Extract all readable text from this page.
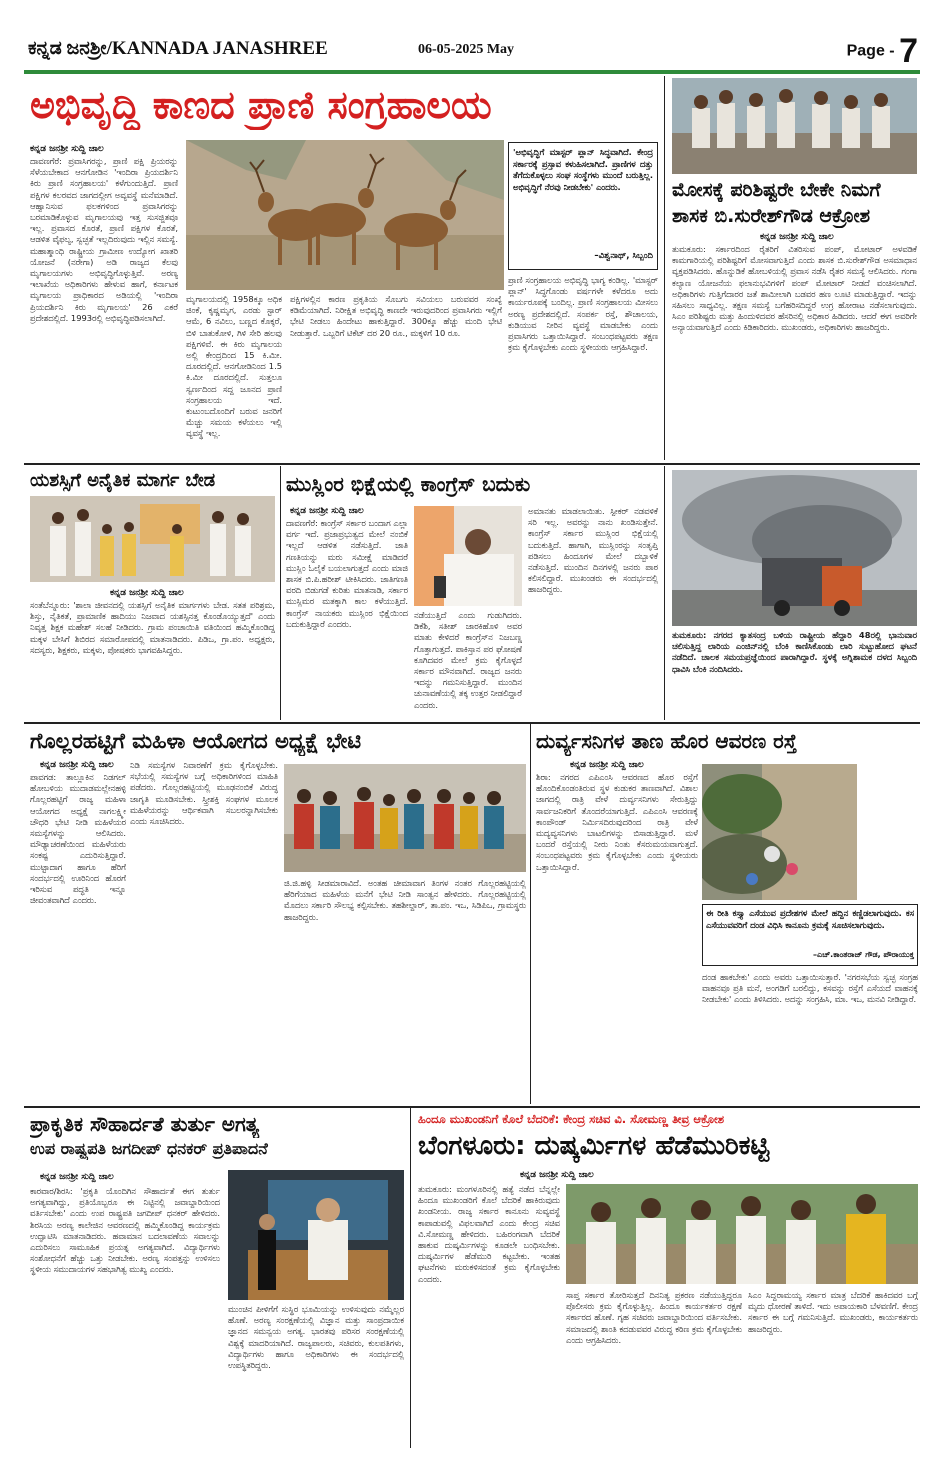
ಕನ್ನಡ ಜನಶ್ರೀ/KANNADA JANASHREE	06-05-2025 May	Page - 7
ಅಭಿವೃದ್ಧಿ ಕಾಣದ ಪ್ರಾಣಿ ಸಂಗ್ರಹಾಲಯ
ಕನ್ನಡ ಜನಶ್ರೀ ಸುದ್ದಿ ಜಾಲ
ದಾವಣಗೆರೆ: ಪ್ರವಾಸಿಗರನ್ನು, ಪ್ರಾಣಿ ಪಕ್ಷಿ ಪ್ರಿಯರನ್ನು ಸೆಳೆಯಬೇಕಾದ ಆನಗೋಡಿನ 'ಇಂದಿರಾ ಪ್ರಿಯದರ್ಶಿನಿ ಕಿರು ಪ್ರಾಣಿ ಸಂಗ್ರಹಾಲಯ' ಕಳೆಗುಂದುತ್ತಿದೆ. ಪ್ರಾಣಿ ಪಕ್ಷಿಗಳ ಕಲರವದ ಜಾಗದಲ್ಲೀಗ ಅವ್ಯವಸ್ಥೆ ಮನೆಮಾಡಿದೆ. ಆಹ್ವಾನಿಸುವ ಫಲಕಗಳಿಂದ ಪ್ರವಾಸಿಗರನ್ನು ಬರಮಾಡಿಕೊಳ್ಳುವ ಮೃಗಾಲಯವು ಇತ್ತ ಸುಸಜ್ಜಿತವೂ ಇಲ್ಲ. ಪ್ರವಾಸದ ಕೊರತೆ, ಪ್ರಾಣಿ ಪಕ್ಷಿಗಳ ಕೊರತೆ, ಆಡಳಿತ ವೈಫಲ್ಯ, ಸ್ವಚ್ಛತೆ ಇಲ್ಲದಿರುವುದು ಇಲ್ಲಿನ ಸಮಸ್ಯೆ. ಮಹಾತ್ಮಾಂಧಿ ರಾಷ್ಟ್ರೀಯ ಗ್ರಾಮೀಣ ಉದ್ಯೋಗ ಖಾತರಿ ಯೋಜನೆ (ನರೇಗಾ) ಅಡಿ ರಾಜ್ಯದ ಕೆಲವು ಮೃಗಾಲಯಗಳು ಅಭಿವೃದ್ಧಿಗೊಳ್ಳುತ್ತಿವೆ. ಅರಣ್ಯ ಇಲಾಖೆಯ ಅಧಿಕಾರಿಗಳು ಹೇಳುವ ಹಾಗೆ, ಕರ್ನಾಟಕ ಮೃಗಾಲಯ ಪ್ರಾಧಿಕಾರದ ಅಡಿಯಲ್ಲಿ 'ಇಂದಿರಾ ಪ್ರಿಯದರ್ಶಿನಿ ಕಿರು ಮೃಗಾಲಯ' 26 ಎಕರೆ ಪ್ರದೇಶದಲ್ಲಿದೆ. 1993ರಲ್ಲಿ ಅಭಿವೃದ್ಧಿಪಡಿಸಲಾಗಿದೆ.
ಮೃಗಾಲಯದಲ್ಲಿ 1958ಕ್ಕೂ ಅಧಿಕ ಜಿಂಕೆ, ಕೃಷ್ಣಮೃಗ, ಎರಡು ಸ್ಟಾರ್ ಆಮೆ, 6 ನವಿಲು, ಬಣ್ಣದ ಕೊಕ್ಕರೆ, ಬಿಳಿ ಬಾತುಕೋಳಿ, ಗಿಳಿ ಸೇರಿ ಹಲವು ಪಕ್ಷಿಗಳಿವೆ. ಈ ಕಿರು ಮೃಗಾಲಯ ಅಲ್ಲಿ ಕೇಂದ್ರದಿಂದ 15 ಕಿ.ಮೀ. ದೂರದಲ್ಲಿದೆ. ಆನಗೋಡಿನಿಂದ 1.5 ಕಿ.ಮೀ ದೂರದಲ್ಲಿದೆ. ಸುತ್ತಲೂ ಸ್ವರ್ಣದಿಂದ ಸದ್ದ ಜೂನದ ಪ್ರಾಣಿ ಸಂಗ್ರಹಾಲಯ ಇದೆ. ಕುಟುಂಬದೊಂದಿಗೆ ಬರುವ ಜನರಿಗೆ ಮೆಚ್ಚು ಸಮಯ ಕಳೆಯಲು ಇಲ್ಲಿ ವ್ಯವಸ್ಥೆ ಇಲ್ಲ.
ಪಕ್ಷಿಗಳಲ್ಲಿನ ಕಾರಣ ಪ್ರಕೃತಿಯ ಸೊಬಗು ಸವಿಯಲು ಬರುವವರ ಸಂಖ್ಯೆ ಕಡಿಮೆಯಾಗಿದೆ. ನಿರೀಕ್ಷಿತ ಅಭಿವೃದ್ಧಿ ಕಾಣದೇ ಇರುವುದರಿಂದ ಪ್ರವಾಸಿಗರು ಇಲ್ಲಿಗೆ ಭೇಟಿ ನೀಡಲು ಹಿಂದೇಟು ಹಾಕುತ್ತಿದ್ದಾರೆ. 300ಕ್ಕೂ ಹೆಚ್ಚು ಮಂದಿ ಭೇಟಿ ನೀಡುತ್ತಾರೆ. ಒಬ್ಬರಿಗೆ ಟಿಕೆಟ್ ದರ 20 ರೂ., ಮಕ್ಕಳಿಗೆ 10 ರೂ.
'ಅಭಿವೃದ್ಧಿಗೆ ಮಾಸ್ಟರ್ ಪ್ಲಾನ್ ಸಿದ್ಧವಾಗಿದೆ. ಕೇಂದ್ರ ಸರ್ಕಾರಕ್ಕೆ ಪ್ರಸ್ತಾವ ಕಳುಹಿಸಲಾಗಿದೆ. ಪ್ರಾಣಿಗಳ ದತ್ತು ತೆಗೆದುಕೊಳ್ಳಲು ಸಂಘ ಸಂಸ್ಥೆಗಳು ಮುಂದೆ ಬರುತ್ತಿಲ್ಲ. ಅಭಿವೃದ್ಧಿಗೆ ನೆರವು ನೀಡಬೇಕು' ಎಂದರು.
–ವಿಶ್ವನಾಥ್, ಸಿಬ್ಬಂದಿ
ಪ್ರಾಣಿ ಸಂಗ್ರಹಾಲಯ ಅಭಿವೃದ್ಧಿ ಭಾಗ್ಯ ಕಂಡಿಲ್ಲ. 'ಮಾಸ್ಟರ್ ಪ್ಲಾನ್' ಸಿದ್ಧಗೊಂಡು ವರ್ಷಗಳೇ ಕಳೆದರೂ ಅದು ಕಾರ್ಯರೂಪಕ್ಕೆ ಬಂದಿಲ್ಲ. ಪ್ರಾಣಿ ಸಂಗ್ರಹಾಲಯ ಮೀಸಲು ಅರಣ್ಯ ಪ್ರದೇಶದಲ್ಲಿದೆ. ಸಂಪರ್ಕ ರಸ್ತೆ, ಶೌಚಾಲಯ, ಕುಡಿಯುವ ನೀರಿನ ವ್ಯವಸ್ಥೆ ಮಾಡಬೇಕು ಎಂದು ಪ್ರವಾಸಿಗರು ಒತ್ತಾಯಿಸಿದ್ದಾರೆ. ಸಂಬಂಧಪಟ್ಟವರು ತಕ್ಷಣ ಕ್ರಮ ಕೈಗೊಳ್ಳಬೇಕು ಎಂದು ಸ್ಥಳೀಯರು ಆಗ್ರಹಿಸಿದ್ದಾರೆ.
ಮೋಸಕ್ಕೆ ಪರಿಶಿಷ್ಟರೇ ಬೇಕೇ ನಿಮಗೆ
ಶಾಸಕ ಬಿ.ಸುರೇಶ್‌ಗೌಡ ಆಕ್ರೋಶ
ಕನ್ನಡ ಜನಶ್ರೀ ಸುದ್ದಿ ಜಾಲ
ತುಮಕೂರು: ಸರ್ಕಾರದಿಂದ ರೈತರಿಗೆ ವಿತರಿಸುವ ಪಂಪ್, ಮೋಟಾರ್ ಅಳವಡಿಕೆ ಕಾಮಗಾರಿಯಲ್ಲಿ ಪರಿಶಿಷ್ಟರಿಗೆ ಮೋಸವಾಗುತ್ತಿದೆ ಎಂದು ಶಾಸಕ ಬಿ.ಸುರೇಶ್‌ಗೌಡ ಅಸಮಾಧಾನ ವ್ಯಕ್ತಪಡಿಸಿದರು. ಹೊನ್ನುಡಿಕೆ ಹೋಬಳಿಯಲ್ಲಿ ಪ್ರವಾಸ ನಡೆಸಿ ರೈತರ ಸಮಸ್ಯೆ ಆಲಿಸಿದರು. ಗಂಗಾ ಕಲ್ಯಾಣ ಯೋಜನೆಯ ಫಲಾನುಭವಿಗಳಿಗೆ ಪಂಪ್ ಮೋಟಾರ್ ನೀಡದೆ ವಂಚಿಸಲಾಗಿದೆ. ಅಧಿಕಾರಿಗಳು ಗುತ್ತಿಗೆದಾರರ ಜತೆ ಶಾಮೀಲಾಗಿ ಬಡವರ ಹಣ ಲೂಟಿ ಮಾಡುತ್ತಿದ್ದಾರೆ. ಇದನ್ನು ಸಹಿಸಲು ಸಾಧ್ಯವಿಲ್ಲ. ತಕ್ಷಣ ಸಮಸ್ಯೆ ಬಗೆಹರಿಸದಿದ್ದರೆ ಉಗ್ರ ಹೋರಾಟ ನಡೆಸಲಾಗುವುದು. ಸಿಎಂ ಪರಿಶಿಷ್ಟರು ಮತ್ತು ಹಿಂದುಳಿದವರ ಹೆಸರಿನಲ್ಲಿ ಅಧಿಕಾರ ಹಿಡಿದರು. ಆದರೆ ಈಗ ಅವರಿಗೇ ಅನ್ಯಾಯವಾಗುತ್ತಿದೆ ಎಂದು ಕಿಡಿಕಾರಿದರು. ಮುಖಂಡರು, ಅಧಿಕಾರಿಗಳು ಹಾಜರಿದ್ದರು.
ಯಶಸ್ಸಿಗೆ ಅನೈತಿಕ ಮಾರ್ಗ ಬೇಡ
ಕನ್ನಡ ಜನಶ್ರೀ ಸುದ್ದಿ ಜಾಲ
ಸಂತೆಬೆನ್ನೂರು: 'ಶಾಲಾ ಜೀವನದಲ್ಲಿ ಯಶಸ್ಸಿಗೆ ಅನೈತಿಕ ಮಾರ್ಗಗಳು ಬೇಡ. ಸತತ ಪರಿಶ್ರಮ, ಶಿಸ್ತು, ನೈತಿಕತೆ, ಪ್ರಾಮಾಣಿಕ ಹಾದಿಯು ನಿಜವಾದ ಯಶಸ್ಸಿನತ್ತ ಕೊಂಡೊಯ್ಯುತ್ತದೆ' ಎಂದು ನಿವೃತ್ತ ಶಿಕ್ಷಕ ಮಹೇಶ್ ಸಲಹೆ ನೀಡಿದರು. ಗ್ರಾಮ ಪಂಚಾಯಿತಿ ವತಿಯಿಂದ ಹಮ್ಮಿಕೊಂಡಿದ್ದ ಮಕ್ಕಳ ಬೇಸಿಗೆ ಶಿಬಿರದ ಸಮಾರೋಪದಲ್ಲಿ ಮಾತನಾಡಿದರು. ಪಿಡಿಒ, ಗ್ರಾ.ಪಂ. ಅಧ್ಯಕ್ಷರು, ಸದಸ್ಯರು, ಶಿಕ್ಷಕರು, ಮಕ್ಕಳು, ಪೋಷಕರು ಭಾಗವಹಿಸಿದ್ದರು.
ಮುಸ್ಲಿಂರ ಭಿಕ್ಷೆಯಲ್ಲಿ ಕಾಂಗ್ರೆಸ್ ಬದುಕು
ಕನ್ನಡ ಜನಶ್ರೀ ಸುದ್ದಿ ಜಾಲ
ದಾವಣಗೆರೆ: ಕಾಂಗ್ರೆಸ್ ಸರ್ಕಾರ ಬಂದಾಗ ಎಲ್ಲಾ ವರ್ಗ ಇದೆ. ಪ್ರಜಾಪ್ರಭುತ್ವದ ಮೇಲೆ ನಂಬಿಕೆ ಇಲ್ಲದೆ ಆಡಳಿತ ನಡೆಸುತ್ತಿದೆ. ಜಾತಿ ಗಣತಿಯನ್ನು ಮರು ಸಮೀಕ್ಷೆ ಮಾಡಿದರೆ ಮುಸ್ಲಿಂ ಓಲೈಕೆ ಬಯಲಾಗುತ್ತದೆ ಎಂದು ಮಾಜಿ ಶಾಸಕ ಬಿ.ಪಿ.ಹರೀಶ್ ಟೀಕಿಸಿದರು. ಜಾತಿಗಣತಿ ವರದಿ ಬಿಡುಗಡೆ ಕುರಿತು ಮಾತನಾಡಿ, ಸರ್ಕಾರ ಮುಸ್ಲಿಮರ ಮತಕ್ಕಾಗಿ ಕಾಲ ಕಳೆಯುತ್ತಿದೆ. ಕಾಂಗ್ರೆಸ್ ನಾಯಕರು ಮುಸ್ಲಿಂರ ಭಿಕ್ಷೆಯಿಂದ ಬದುಕುತ್ತಿದ್ದಾರೆ ಎಂದರು.
ನಡೆಯುತ್ತಿದೆ ಎಂದು ಗುಡುಗಿದರು. ಡಿಕೆಶಿ, ಸತೀಶ್ ಜಾರಕಿಹೊಳಿ ಅವರ ಮಾತು ಕೇಳಿದರೆ ಕಾಂಗ್ರೆಸ್‌ನ ನಿಜಬಣ್ಣ ಗೊತ್ತಾಗುತ್ತದೆ. ಪಾಕಿಸ್ತಾನ ಪರ ಘೋಷಣೆ ಕೂಗಿದವರ ಮೇಲೆ ಕ್ರಮ ಕೈಗೊಳ್ಳದೆ ಸರ್ಕಾರ ಮೌನವಾಗಿದೆ. ರಾಜ್ಯದ ಜನರು ಇದನ್ನು ಗಮನಿಸುತ್ತಿದ್ದಾರೆ. ಮುಂದಿನ ಚುನಾವಣೆಯಲ್ಲಿ ತಕ್ಕ ಉತ್ತರ ನೀಡಲಿದ್ದಾರೆ ಎಂದರು.
ಅಮಾನತು ಮಾಡಲಾಯಿತು. ಸ್ಪೀಕರ್ ನಡವಳಿಕೆ ಸರಿ ಇಲ್ಲ. ಅವರನ್ನು ನಾನು ಖಂಡಿಸುತ್ತೇನೆ. ಕಾಂಗ್ರೆಸ್ ಸರ್ಕಾರ ಮುಸ್ಲಿಂರ ಭಿಕ್ಷೆಯಲ್ಲಿ ಬದುಕುತ್ತಿದೆ. ಹಾಗಾಗಿ, ಮುಸ್ಲಿಂರನ್ನು ಸಂತೃಪ್ತಿ ಪಡಿಸಲು ಹಿಂದೂಗಳ ಮೇಲೆ ದಬ್ಬಾಳಿಕೆ ನಡೆಸುತ್ತಿದೆ. ಮುಂದಿನ ದಿನಗಳಲ್ಲಿ ಜನರು ಪಾಠ ಕಲಿಸಲಿದ್ದಾರೆ. ಮುಖಂಡರು ಈ ಸಂದರ್ಭದಲ್ಲಿ ಹಾಜರಿದ್ದರು.
ತುಮಕೂರು: ನಗರದ ಕ್ಯಾತಸಂದ್ರ ಬಳಿಯ ರಾಷ್ಟ್ರೀಯ ಹೆದ್ದಾರಿ 48ರಲ್ಲಿ ಭಾನುವಾರ ಚಲಿಸುತ್ತಿದ್ದ ಲಾರಿಯ ಎಂಜಿನ್‌ನಲ್ಲಿ ಬೆಂಕಿ ಕಾಣಿಸಿಕೊಂಡು ಲಾರಿ ಸುಟ್ಟುಹೋದ ಘಟನೆ ನಡೆದಿದೆ. ಚಾಲಕ ಸಮಯಪ್ರಜ್ಞೆಯಿಂದ ಪಾರಾಗಿದ್ದಾರೆ. ಸ್ಥಳಕ್ಕೆ ಅಗ್ನಿಶಾಮಕ ದಳದ ಸಿಬ್ಬಂದಿ ಧಾವಿಸಿ ಬೆಂಕಿ ನಂದಿಸಿದರು.
ಗೊಲ್ಲರಹಟ್ಟಿಗೆ ಮಹಿಳಾ ಆಯೋಗದ ಅಧ್ಯಕ್ಷೆ ಭೇಟಿ
ಕನ್ನಡ ಜನಶ್ರೀ ಸುದ್ದಿ ಜಾಲ
ಪಾವಗಡ: ತಾಲ್ಲೂಕಿನ ನಿಡಗಲ್ ಹೋಬಳಿಯ ಮುದಾಡಮಲ್ಲೇನಹಳ್ಳಿ ಗೊಲ್ಲರಹಟ್ಟಿಗೆ ರಾಜ್ಯ ಮಹಿಳಾ ಆಯೋಗದ ಅಧ್ಯಕ್ಷೆ ನಾಗಲಕ್ಷ್ಮೀ ಚೌಧರಿ ಭೇಟಿ ನೀಡಿ ಮಹಿಳೆಯರ ಸಮಸ್ಯೆಗಳನ್ನು ಆಲಿಸಿದರು. ಮೌಢ್ಯಾಚರಣೆಯಿಂದ ಮಹಿಳೆಯರು ಸಂಕಷ್ಟ ಎದುರಿಸುತ್ತಿದ್ದಾರೆ. ಮುಟ್ಟಾದಾಗ ಹಾಗೂ ಹೆರಿಗೆ ಸಂದರ್ಭದಲ್ಲಿ ಊರಿನಿಂದ ಹೊರಗೆ ಇರಿಸುವ ಪದ್ಧತಿ ಇನ್ನೂ ಜೀವಂತವಾಗಿದೆ ಎಂದರು.
ನಿಡಿ ಸಮಸ್ಯೆಗಳ ನಿವಾರಣೆಗೆ ಕ್ರಮ ಕೈಗೊಳ್ಳಬೇಕು. ಸಭೆಯಲ್ಲಿ ಸಮಸ್ಯೆಗಳ ಬಗ್ಗೆ ಅಧಿಕಾರಿಗಳಿಂದ ಮಾಹಿತಿ ಪಡೆದರು. ಗೊಲ್ಲರಹಟ್ಟಿಯಲ್ಲಿ ಮೂಢನಂಬಿಕೆ ವಿರುದ್ಧ ಜಾಗೃತಿ ಮೂಡಿಸಬೇಕು. ಸ್ತ್ರೀಶಕ್ತಿ ಸಂಘಗಳ ಮೂಲಕ ಮಹಿಳೆಯರನ್ನು ಆರ್ಥಿಕವಾಗಿ ಸಬಲರನ್ನಾಗಿಸಬೇಕು ಎಂದು ಸೂಚಿಸಿದರು.
ಜಿ.ಜಿ.ಹಳ್ಳಿ ಸೀಡಮಾರಾವಿದೆ. ಅಂತಹ ಚೀಮಾವಾಗ ತಿಂಗಳ ನಂತರ ಗೊಲ್ಲರಹಟ್ಟಿಯಲ್ಲಿ ಹೆರಿಗೆಯಾದ ಮಹಿಳೆಯ ಮನೆಗೆ ಭೇಟಿ ನೀಡಿ ಸಾಂತ್ವನ ಹೇಳಿದರು. ಗೊಲ್ಲರಹಟ್ಟಿಯಲ್ಲಿ ಮೊದಲು ಸರ್ಕಾರಿ ಸೌಲಭ್ಯ ಕಲ್ಪಿಸಬೇಕು. ತಹಶೀಲ್ದಾರ್, ತಾ.ಪಂ. ಇಒ, ಸಿಡಿಪಿಒ, ಗ್ರಾಮಸ್ಥರು ಹಾಜರಿದ್ದರು.
ದುರ್ವ್ಯಸನಿಗಳ ತಾಣ ಹೊರ ಆವರಣ ರಸ್ತೆ
ಕನ್ನಡ ಜನಶ್ರೀ ಸುದ್ದಿ ಜಾಲ
ಶಿರಾ: ನಗರದ ಎಪಿಎಂಸಿ ಆವರಣದ ಹೊರ ರಸ್ತೆಗೆ ಹೊಂದಿಕೊಂಡಂತಿರುವ ಸ್ಥಳ ಕುಡುಕರ ತಾಣವಾಗಿದೆ. ವಿಶಾಲ ಜಾಗದಲ್ಲಿ ರಾತ್ರಿ ವೇಳೆ ದುರ್ವ್ಯಸನಿಗಳು ಸೇರುತ್ತಿದ್ದು ಸಾರ್ವಜನಿಕರಿಗೆ ತೊಂದರೆಯಾಗುತ್ತಿದೆ. ಎಪಿಎಂಸಿ ಆವರಣಕ್ಕೆ ಕಾಂಪೌಂಡ್ ನಿರ್ಮಿಸದಿರುವುದರಿಂದ ರಾತ್ರಿ ವೇಳೆ ಮದ್ಯವ್ಯಸನಿಗಳು ಬಾಟಲಿಗಳನ್ನು ಬಿಸಾಡುತ್ತಿದ್ದಾರೆ. ಮಳೆ ಬಂದರೆ ರಸ್ತೆಯಲ್ಲಿ ನೀರು ನಿಂತು ಕೆಸರುಮಯವಾಗುತ್ತದೆ. ಸಂಬಂಧಪಟ್ಟವರು ಕ್ರಮ ಕೈಗೊಳ್ಳಬೇಕು ಎಂದು ಸ್ಥಳೀಯರು ಒತ್ತಾಯಿಸಿದ್ದಾರೆ.
ಈ ರೀತಿ ಕಸ್ತ್ಯಾ ಎಸೆಯುವ ಪ್ರದೇಶಗಳ ಮೇಲೆ ಹದ್ದಿನ ಕಣ್ಣಿಡಲಾಗುವುದು. ಕಸ ಎಸೆಯುವವರಿಗೆ ದಂಡ ವಿಧಿಸಿ ಕಾನೂನು ಕ್ರಮಕ್ಕೆ ಸೂಚಿಸಲಾಗುವುದು.
–ಎಚ್.ಕಾಂತರಾಜ್ ಗೌಡ, ಪೌರಾಯುಕ್ತ
ದಂಡ ಹಾಕಬೇಕು' ಎಂದು ಅವರು ಒತ್ತಾಯಿಸುತ್ತಾರೆ. 'ನಗರಸಭೆಯ ಸ್ವಚ್ಛ ಸಂಗ್ರಹ ವಾಹನವೂ ಪ್ರತಿ ಮನೆ, ಅಂಗಡಿಗೆ ಬರಲಿದ್ದು, ಕಸವನ್ನು ರಸ್ತೆಗೆ ಎಸೆಯದೆ ವಾಹನಕ್ಕೆ ನೀಡಬೇಕು' ಎಂದು ತಿಳಿಸಿದರು. ಅದನ್ನು ಸಂಗ್ರಹಿಸಿ, ಮಾ. ಇಒ, ಮನವಿ ನೀಡಿದ್ದಾರೆ.
ಪ್ರಾಕೃತಿಕ ಸೌಹಾರ್ದತೆ ತುರ್ತು ಅಗತ್ಯ
ಉಪ ರಾಷ್ಟ್ರಪತಿ ಜಗದೀಪ್ ಧನಕರ್ ಪ್ರತಿಪಾದನೆ
ಕನ್ನಡ ಜನಶ್ರೀ ಸುದ್ದಿ ಜಾಲ
ಕಾರವಾರ/ಶಿರಸಿ: 'ಪ್ರಕೃತಿ ಯೊಂದಿಗಿನ ಸೌಹಾರ್ದತೆ ಈಗ ತುರ್ತು ಅಗತ್ಯವಾಗಿದ್ದು, ಪ್ರತಿಯೊಬ್ಬರೂ ಈ ನಿಟ್ಟಿನಲ್ಲಿ ಜವಾಬ್ದಾರಿಯಿಂದ ವರ್ತಿಸಬೇಕು' ಎಂದು ಉಪ ರಾಷ್ಟ್ರಪತಿ ಜಗದೀಪ್ ಧನಕರ್ ಹೇಳಿದರು. ಶಿರಸಿಯ ಅರಣ್ಯ ಕಾಲೇಜಿನ ಆವರಣದಲ್ಲಿ ಹಮ್ಮಿಕೊಂಡಿದ್ದ ಕಾರ್ಯಕ್ರಮ ಉದ್ಘಾಟಿಸಿ ಮಾತನಾಡಿದರು. ಹವಾಮಾನ ಬದಲಾವಣೆಯ ಸವಾಲನ್ನು ಎದುರಿಸಲು ಸಾಮೂಹಿಕ ಪ್ರಯತ್ನ ಅಗತ್ಯವಾಗಿದೆ. ವಿದ್ಯಾರ್ಥಿಗಳು ಸಂಶೋಧನೆಗೆ ಹೆಚ್ಚು ಒತ್ತು ನೀಡಬೇಕು. ಅರಣ್ಯ ಸಂಪತ್ತನ್ನು ಉಳಿಸಲು ಸ್ಥಳೀಯ ಸಮುದಾಯಗಳ ಸಹಭಾಗಿತ್ವ ಮುಖ್ಯ ಎಂದರು.
ಮುಂಚಿನ ಪೀಳಿಗೆಗೆ ಸುಸ್ಥಿರ ಭೂಮಿಯನ್ನು ಉಳಿಸುವುದು ನಮ್ಮೆಲ್ಲರ ಹೊಣೆ. ಅರಣ್ಯ ಸಂರಕ್ಷಣೆಯಲ್ಲಿ ವಿಜ್ಞಾನ ಮತ್ತು ಸಾಂಪ್ರದಾಯಿಕ ಜ್ಞಾನದ ಸಮನ್ವಯ ಅಗತ್ಯ. ಭಾರತವು ಪರಿಸರ ಸಂರಕ್ಷಣೆಯಲ್ಲಿ ವಿಶ್ವಕ್ಕೆ ಮಾದರಿಯಾಗಿದೆ. ರಾಜ್ಯಪಾಲರು, ಸಚಿವರು, ಕುಲಪತಿಗಳು, ವಿದ್ಯಾರ್ಥಿಗಳು ಹಾಗೂ ಅಧಿಕಾರಿಗಳು ಈ ಸಂದರ್ಭದಲ್ಲಿ ಉಪಸ್ಥಿತರಿದ್ದರು.
ಹಿಂದೂ ಮುಖಂಡನಿಗೆ ಕೊಲೆ ಬೆದರಿಕೆ: ಕೇಂದ್ರ ಸಚಿವ ವಿ. ಸೋಮಣ್ಣ ತೀವ್ರ ಆಕ್ರೋಶ
ಬೆಂಗಳೂರು: ದುಷ್ಕರ್ಮಿಗಳ ಹೆಡೆಮುರಿಕಟ್ಟಿ
ಕನ್ನಡ ಜನಶ್ರೀ ಸುದ್ದಿ ಜಾಲ
ತುಮಕೂರು: ಮಂಗಳೂರಿನಲ್ಲಿ ಹತ್ಯೆ ನಡೆದ ಬೆನ್ನಲ್ಲೇ ಹಿಂದೂ ಮುಖಂಡರಿಗೆ ಕೊಲೆ ಬೆದರಿಕೆ ಹಾಕಿರುವುದು ಖಂಡನೀಯ. ರಾಜ್ಯ ಸರ್ಕಾರ ಕಾನೂನು ಸುವ್ಯವಸ್ಥೆ ಕಾಪಾಡುವಲ್ಲಿ ವಿಫಲವಾಗಿದೆ ಎಂದು ಕೇಂದ್ರ ಸಚಿವ ವಿ.ಸೋಮಣ್ಣ ಹೇಳಿದರು. ಬಹಿರಂಗವಾಗಿ ಬೆದರಿಕೆ ಹಾಕುವ ದುಷ್ಕರ್ಮಿಗಳನ್ನು ಕೂಡಲೇ ಬಂಧಿಸಬೇಕು. ದುಷ್ಕರ್ಮಿಗಳ ಹೆಡೆಮುರಿ ಕಟ್ಟಬೇಕು. ಇಂತಹ ಘಟನೆಗಳು ಮರುಕಳಿಸದಂತೆ ಕ್ರಮ ಕೈಗೊಳ್ಳಬೇಕು ಎಂದರು.
ಸಾಪ್ತ ಸರ್ಕಾರ ತೋರಿಸುತ್ತದೆ ದಿನನಿತ್ಯ ಪ್ರಕರಣ ನಡೆಯುತ್ತಿದ್ದರೂ ಪೊಲೀಸರು ಕ್ರಮ ಕೈಗೊಳ್ಳುತ್ತಿಲ್ಲ. ಹಿಂದೂ ಕಾರ್ಯಕರ್ತರ ರಕ್ಷಣೆ ಸರ್ಕಾರದ ಹೊಣೆ. ಗೃಹ ಸಚಿವರು ಜವಾಬ್ದಾರಿಯಿಂದ ವರ್ತಿಸಬೇಕು. ಸಮಾಜದಲ್ಲಿ ಶಾಂತಿ ಕದಡುವವರ ವಿರುದ್ಧ ಕಠಿಣ ಕ್ರಮ ಕೈಗೊಳ್ಳಬೇಕು ಎಂದು ಆಗ್ರಹಿಸಿದರು.
ಸಿಎಂ ಸಿದ್ದರಾಮಯ್ಯ ಸರ್ಕಾರ ಮಾತ್ರ ಬೆದರಿಕೆ ಹಾಕಿದವರ ಬಗ್ಗೆ ಮೃದು ಧೋರಣೆ ತಾಳಿದೆ. ಇದು ಅಪಾಯಕಾರಿ ಬೆಳವಣಿಗೆ. ಕೇಂದ್ರ ಸರ್ಕಾರ ಈ ಬಗ್ಗೆ ಗಮನಿಸುತ್ತಿದೆ. ಮುಖಂಡರು, ಕಾರ್ಯಕರ್ತರು ಹಾಜರಿದ್ದರು.
